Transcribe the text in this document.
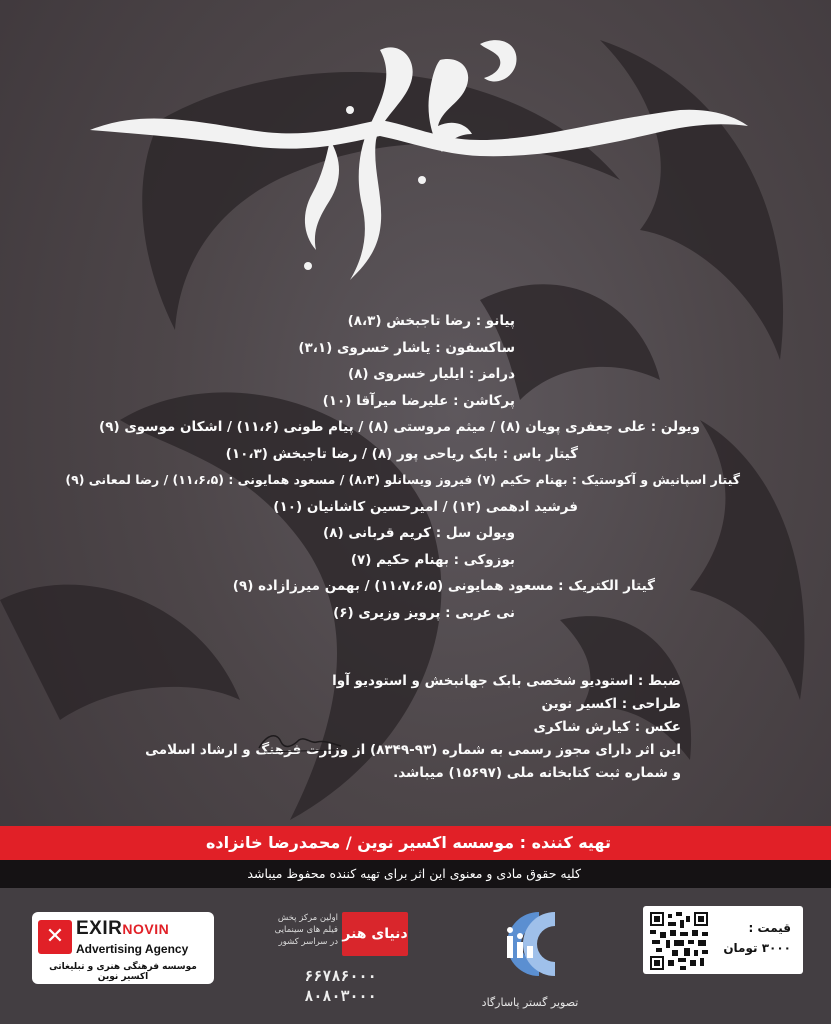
پیانو : رضا تاجبخش (۸،۳)
ساکسفون : یاشار خسروی (۳،۱)
درامز : ایلیار خسروی (۸)
پرکاشن : علیرضا میرآقا (۱۰)
ویولن : علی جعفری پویان (۸) / میثم مروستی (۸) / پیام طونی (۱۱،۶) / اشکان موسوی (۹)
گیتار باس : بابک ریاحی پور (۸) / رضا تاجبخش (۱۰،۳)
گیتار اسپانیش و آکوستیک : بهنام حکیم (۷) فیروز ویسانلو (۸،۳) / مسعود همایونی : (۱۱،۶،۵) / رضا لمعانی (۹)
فرشید ادهمی (۱۲) / امیرحسین کاشانیان (۱۰)
ویولن سل : کریم قربانی (۸)
بوزوکی : بهنام حکیم (۷)
گیتار الکتریک : مسعود همایونی (۱۱،۷،۶،۵) / بهمن میرزازاده (۹)
نی عربی : پرویز وزیری (۶)
ضبط : استودیو شخصی بابک جهانبخش و استودیو آوا
طراحی : اکسیر نوین
عکس : کیارش شاکری
این اثر دارای مجوز رسمی به شماره (۹۳-۸۳۴۹) از وزارت فرهنگ و ارشاد اسلامی
و شماره ثبت کتابخانه ملی (۱۵۶۹۷) میباشد.
تهیه کننده : موسسه اکسیر نوین / محمدرضا خانزاده
کلیه حقوق مادی و معنوی این اثر برای تهیه کننده محفوظ میباشد
قیمت :
۳۰۰۰ تومان
تصویر گستر پاسارگاد
دنیای هنر
اولین مرکز پخش
فیلم های سینمایی
در سراسر کشور
۶۶۷۸۶۰۰۰
۸۰۸۰۳۰۰۰
✕ EXIRNOVIN
Advertising Agency
موسسه فرهنگی هنری و تبلیغاتی اکسیر نوین
